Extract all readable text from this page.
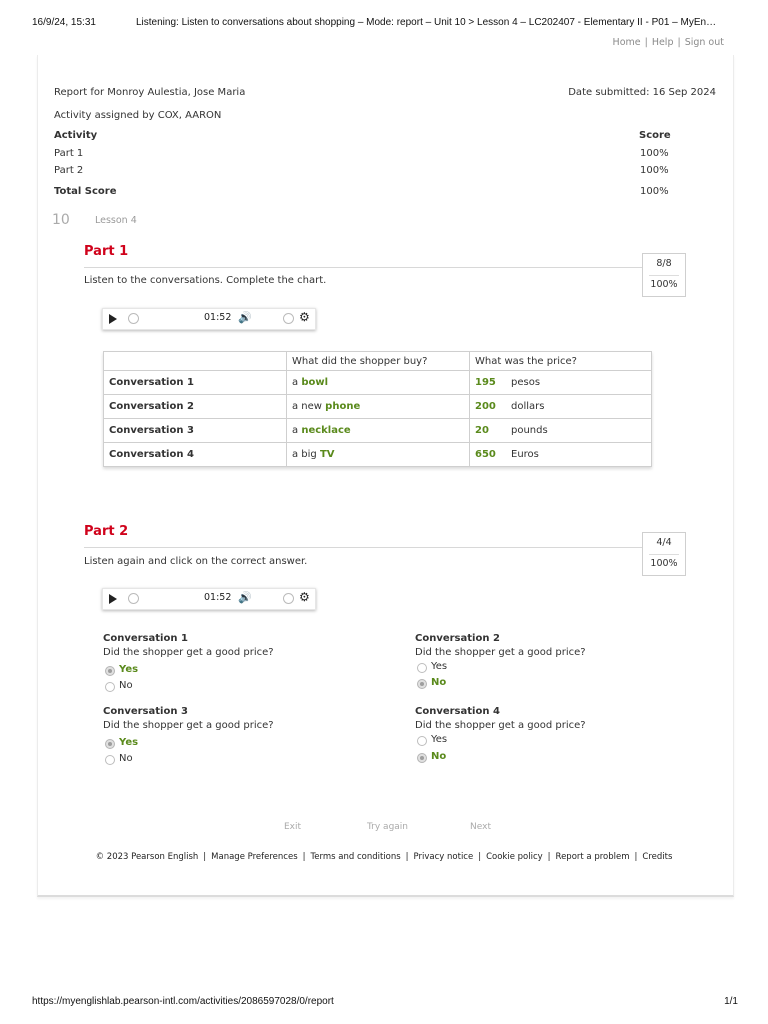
16/9/24, 15:31	Listening: Listen to conversations about shopping – Mode: report – Unit 10 > Lesson 4 – LC202407 - Elementary II - P01 – MyEn…
Home | Help | Sign out
Report for Monroy Aulestia, Jose Maria	Date submitted: 16 Sep 2024
Activity assigned by COX, AARON
Activity	Score
Part 1	100%
Part 2	100%
Total Score	100%
10	Lesson 4
Part 1
8/8
100%
Listen to the conversations. Complete the chart.
01:52 🔊	⚙
	What did the shopper buy?	What was the price?
Conversation 1	a bowl	195 pesos
Conversation 2	a new phone	200 dollars
Conversation 3	a necklace	20 pounds
Conversation 4	a big TV	650 Euros
Part 2
4/4
100%
Listen again and click on the correct answer.
01:52 🔊	⚙
Conversation 1
Did the shopper get a good price?
Yes
No
Conversation 2
Did the shopper get a good price?
Yes
No
Conversation 3
Did the shopper get a good price?
Yes
No
Conversation 4
Did the shopper get a good price?
Yes
No
Exit	Try again	Next
© 2023 Pearson English | Manage Preferences | Terms and conditions | Privacy notice | Cookie policy | Report a problem | Credits
https://myenglishlab.pearson-intl.com/activities/2086597028/0/report	1/1
